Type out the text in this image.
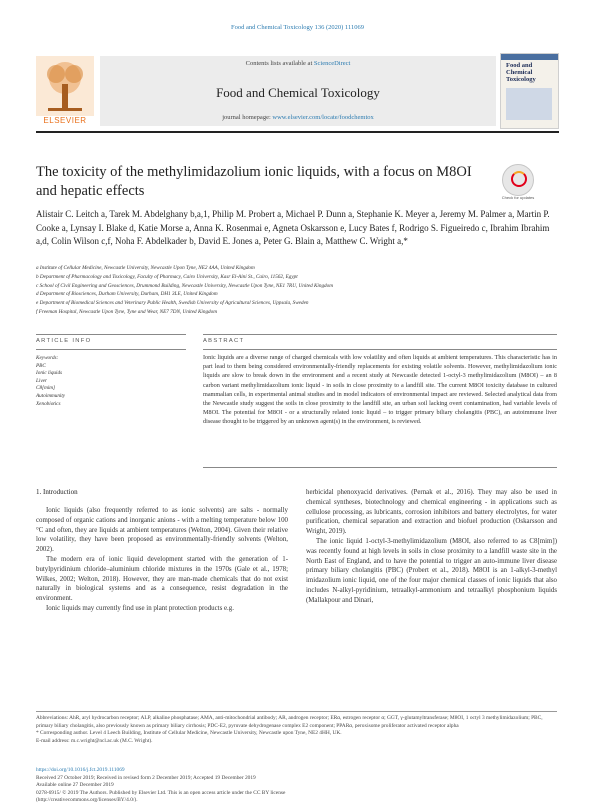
Food and Chemical Toxicology 136 (2020) 111069
ELSEVIER
Contents lists available at ScienceDirect
Food and Chemical Toxicology
journal homepage: www.elsevier.com/locate/foodchemtox
Food and Chemical Toxicology
The toxicity of the methylimidazolium ionic liquids, with a focus on M8OI and hepatic effects	Check for updates
Alistair C. Leitch a, Tarek M. Abdelghany b,a,1, Philip M. Probert a, Michael P. Dunn a, Stephanie K. Meyer a, Jeremy M. Palmer a, Martin P. Cooke a, Lynsay I. Blake d, Katie Morse a, Anna K. Rosenmai e, Agneta Oskarsson e, Lucy Bates f, Rodrigo S. Figueiredo c, Ibrahim Ibrahim a,d, Colin Wilson c,f, Noha F. Abdelkader b, David E. Jones a, Peter G. Blain a, Matthew C. Wright a,*
a Institute of Cellular Medicine, Newcastle University, Newcastle Upon Tyne, NE2 4AA, United Kingdom
b Department of Pharmacology and Toxicology, Faculty of Pharmacy, Cairo University, Kasr El-Aini St., Cairo, 11562, Egypt
c School of Civil Engineering and Geosciences, Drummond Building, Newcastle University, Newcastle Upon Tyne, NE1 7RU, United Kingdom
d Department of Biosciences, Durham University, Durham, DH1 3LE, United Kingdom
e Department of Biomedical Sciences and Veterinary Public Health, Swedish University of Agricultural Sciences, Uppsala, Sweden
f Freeman Hospital, Newcastle Upon Tyne, Tyne and Wear, NE7 7DN, United Kingdom
ARTICLE INFO	ABSTRACT
Keywords:
PBC
Ionic liquids
Liver
C8[mim]
Autoimmunity
Xenobiotics
Ionic liquids are a diverse range of charged chemicals with low volatility and often liquids at ambient temperatures. This characteristic has in part lead to them being considered environmentally-friendly replacements for existing volatile solvents. However, methylimidazolium ionic liquids are slow to break down in the environment and a recent study at Newcastle detected 1-octyl-3 methylimidazolium (M8OI) – an 8 carbon variant methylimidazolium ionic liquid - in soils in close proximity to a landfill site. The current M8OI toxicity database in cultured mammalian cells, in experimental animal studies and in model indicators of environmental impact are reviewed. Selected analytical data from the Newcastle study suggest the soils in close proximity to the landfill site, an urban soil lacking overt contamination, had variable levels of M8OI. The potential for M8OI - or a structurally related ionic liquid – to trigger primary biliary cholangitis (PBC), an autoimmune liver disease thought to be triggered by an unknown agent(s) in the environment, is reviewed.
1. Introduction

Ionic liquids (also frequently referred to as ionic solvents) are salts - normally composed of organic cations and inorganic anions - with a melting temperature below 100 °C and often, they are liquids at ambient temperatures (Welton, 2004). Given their relative low volatility, they have been proposed as environmentally-friendly solvents (Welton, 2002).

The modern era of ionic liquid development started with the generation of 1-butylpyridinium chloride–aluminium chloride mixtures in the 1970s (Gale et al., 1978; Wilkes, 2002; Welton, 2018). However, they are man-made chemicals that do not exist naturally in biological systems and as a consequence, resist degradation in the environment.

Ionic liquids may currently find use in plant protection products e.g.

herbicidal phenoxyacid derivatives. (Pernak et al., 2016). They may also be used in chemical syntheses, biotechnology and chemical engineering - in applications such as cellulose processing, as lubricants, corrosion inhibitors and battery electrolytes, for water purification, chemical separation and extraction and biofuel production (Oskarsson and Wright, 2019).

The ionic liquid 1-octyl-3-methylimidazolium (M8OI, also referred to as C8[mim]) was recently found at high levels in soils in close proximity to a landfill waste site in the North East of England, and to have the potential to trigger an auto-immune liver disease primary biliary cholangitis (PBC) (Probert et al., 2018). M8OI is an 1-alkyl-3-methyl imidazolium ionic liquid, one of the four major chemical classes of ionic liquids that also includes N-alkyl-pyridinium, tetraalkyl-ammonium and tetraalkyl phosphonium liquids (Mallakpour and Dinari,

Abbreviations: AhR, aryl hydrocarbon receptor; ALP, alkaline phosphatase; AMA, anti-mitochondrial antibody; AR, androgen receptor; ERα, estrogen receptor α; GGT, γ-glutamyltransferase; M8OI, 1 octyl 3 methylimidazolium; PBC, primary biliary cholangitis, also previously known as primary biliary cirrhosis; PDC-E2, pyruvate dehydrogenase complex E2 component; PPARα, peroxisome proliferator activated receptor alpha

* Corresponding author. Level 4 Leech Building, Institute of Cellular Medicine, Newcastle University, Newcastle upon Tyne, NE2 4HH, UK.

E-mail address: m.c.wright@ncl.ac.uk (M.C. Wright).

https://doi.org/10.1016/j.fct.2019.111069

Received 27 October 2019; Received in revised form 2 December 2019; Accepted 19 December 2019

Available online 27 December 2019

0278-6915/ © 2019 The Authors. Published by Elsevier Ltd. This is an open access article under the CC BY license

(http://creativecommons.org/licenses/BY/4.0/).
